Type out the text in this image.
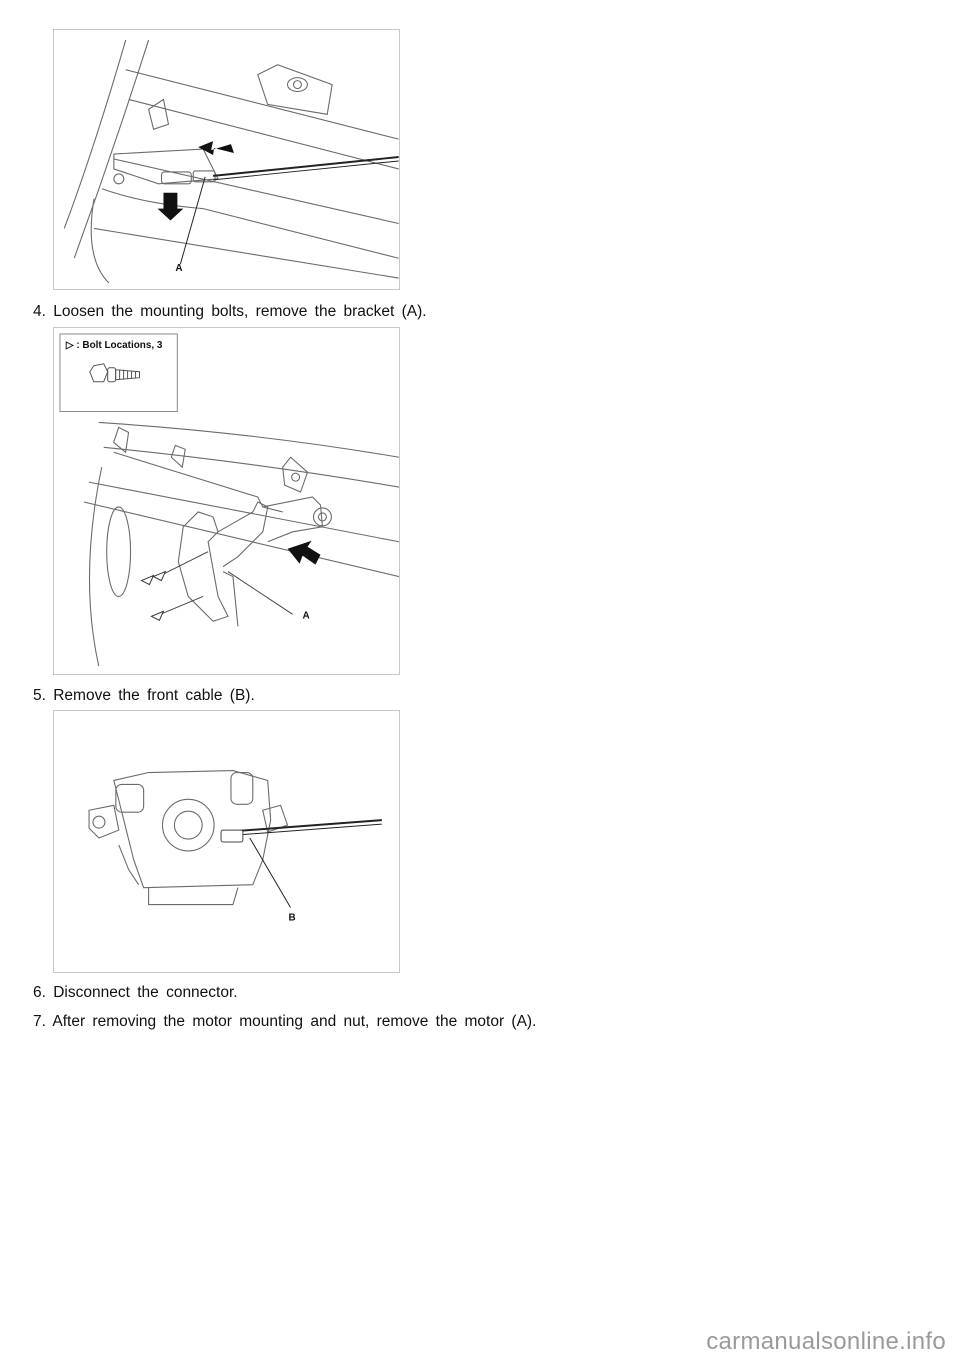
A
4. Loosen the mounting bolts, remove the bracket (A).
A
▷ : Bolt Locations, 3
5. Remove the front cable (B).
B
6. Disconnect the connector.
7. After removing the motor mounting and nut, remove the motor (A).
carmanualsonline.info
